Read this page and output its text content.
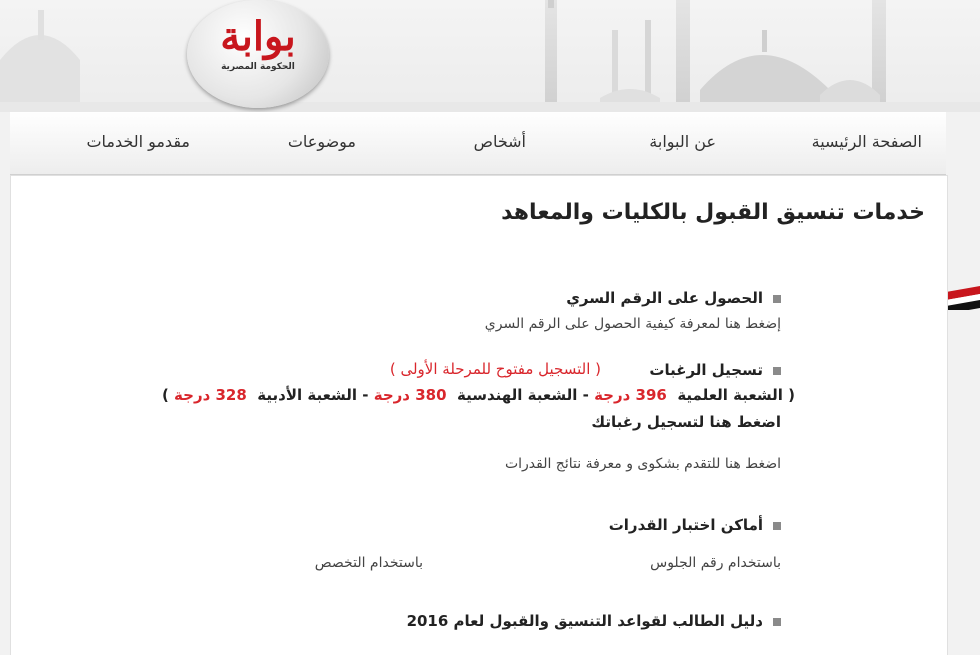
بوابة
الحكومة المصرية
الصفحة الرئيسية
عن البوابة
أشخاص
موضوعات
مقدمو الخدمات
خدمات تنسيق القبول بالكليات والمعاهد
الحصول على الرقم السري
إضغط هنا لمعرفة كيفية الحصول على الرقم السري
تسجيل الرغبات
( التسجيل مفتوح للمرحلة الأولى )
( الشعبة العلمية  396 درجة - الشعبة الهندسية  380 درجة - الشعبة الأدبية  328 درجة )
اضغط هنا لتسجيل رغباتك
اضغط هنا للتقدم بشكوى و معرفة نتائج القدرات
أماكن اختبار القدرات
باستخدام رقم الجلوس
باستخدام التخصص
دليل الطالب لقواعد التنسيق والقبول لعام 2016
